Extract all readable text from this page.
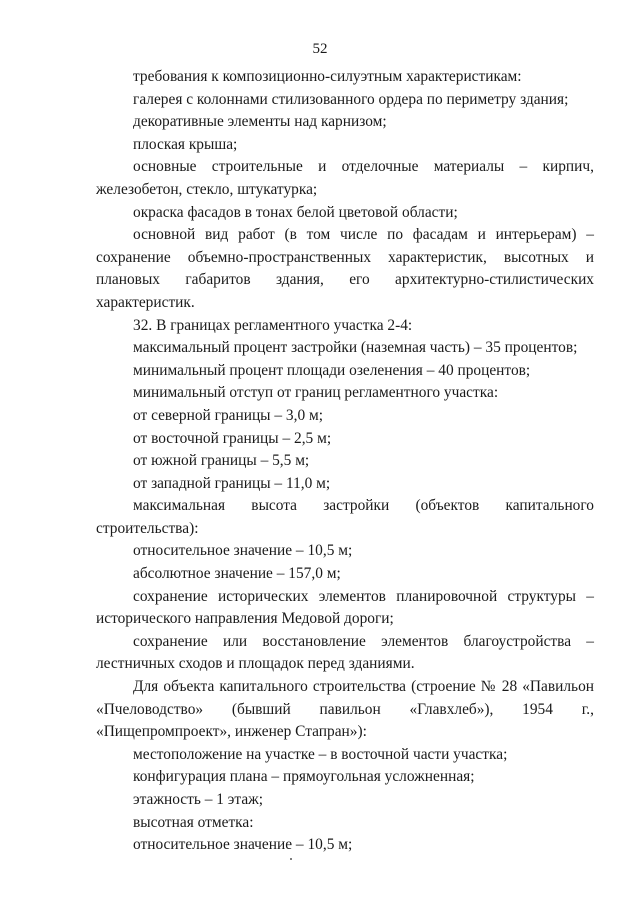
52

требования к композиционно-силуэтным характеристикам:

галерея с колоннами стилизованного ордера по периметру здания;

декоративные элементы над карнизом;

плоская крыша;

основные строительные и отделочные материалы – кирпич, железобетон, стекло, штукатурка;

окраска фасадов в тонах белой цветовой области;

основной вид работ (в том числе по фасадам и интерьерам) – сохранение объемно-пространственных характеристик, высотных и плановых габаритов здания, его архитектурно-стилистических характеристик.

32. В границах регламентного участка 2-4:

максимальный процент застройки (наземная часть) – 35 процентов;

минимальный процент площади озеленения – 40 процентов;

минимальный отступ от границ регламентного участка:

от северной границы – 3,0 м;

от восточной границы – 2,5 м;

от южной границы – 5,5 м;

от западной границы – 11,0 м;

максимальная высота застройки (объектов капитального строительства):

относительное значение – 10,5 м;

абсолютное значение – 157,0 м;

сохранение исторических элементов планировочной структуры – исторического направления Медовой дороги;

сохранение или восстановление элементов благоустройства – лестничных сходов и площадок перед зданиями.

Для объекта капитального строительства (строение № 28 «Павильон «Пчеловодство» (бывший павильон «Главхлеб»), 1954 г., «Пищепромпроект», инженер Стапран»):

местоположение на участке – в восточной части участка;

конфигурация плана – прямоугольная усложненная;

этажность – 1 этаж;

высотная отметка:

относительное значение – 10,5 м;
